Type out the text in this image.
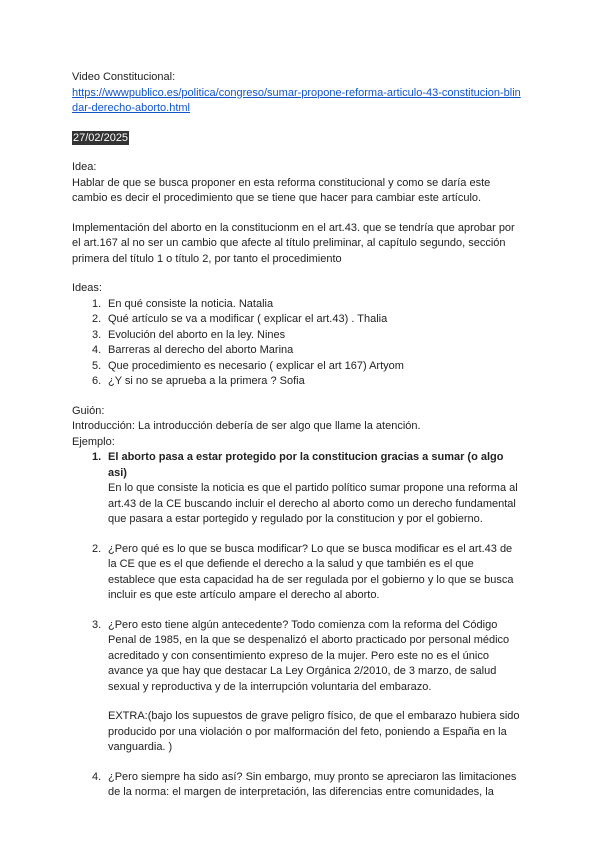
Video Constitucional:
https://wwwpublico.es/politica/congreso/sumar-propone-reforma-articulo-43-constitucion-blin
dar-derecho-aborto.html
27/02/2025
Idea:
Hablar de que se busca proponer en esta reforma constitucional y como se daría este
cambio es decir el procedimiento que se tiene que hacer para cambiar este artículo.
Implementación del aborto en la constitucionm en el art.43. que se tendría que aprobar por
el art.167 al no ser un cambio que afecte al título preliminar, al capítulo segundo, sección
primera del título 1 o título 2, por tanto el procedimiento
Ideas:
1. En qué consiste la noticia. Natalia
2. Qué artículo se va a modificar ( explicar el art.43) . Thalia
3. Evolución del aborto en la ley. Nines
4. Barreras al derecho del aborto Marina
5. Que procedimiento es necesario ( explicar el art 167) Artyom
6. ¿Y si no se aprueba a la primera ? Sofia
Guión:
Introducción: La introducción debería de ser algo que llame la atención.
Ejemplo:
1. El aborto pasa a estar protegido por la constitucion gracias a sumar (o algo
asi)
En lo que consiste la noticia es que el partido político sumar propone una reforma al
art.43 de la CE buscando incluir el derecho al aborto como un derecho fundamental
que pasara a estar portegido y regulado por la constitucion y por el gobierno.
2. ¿Pero qué es lo que se busca modificar? Lo que se busca modificar es el art.43 de
la CE que es el que defiende el derecho a la salud y que también es el que
establece que esta capacidad ha de ser regulada por el gobierno y lo que se busca
incluir es que este artículo ampare el derecho al aborto.
3. ¿Pero esto tiene algún antecedente? Todo comienza com la reforma del Código
Penal de 1985, en la que se despenalizó el aborto practicado por personal médico
acreditado y con consentimiento expreso de la mujer. Pero este no es el único
avance ya que hay que destacar La Ley Orgánica 2/2010, de 3 marzo, de salud
sexual y reproductiva y de la interrupción voluntaria del embarazo.
EXTRA:(bajo los supuestos de grave peligro físico, de que el embarazo hubiera sido
producido por una violación o por malformación del feto, poniendo a España en la
vanguardia. )
4. ¿Pero siempre ha sido así? Sin embargo, muy pronto se apreciaron las limitaciones
de la norma: el margen de interpretación, las diferencias entre comunidades, la
